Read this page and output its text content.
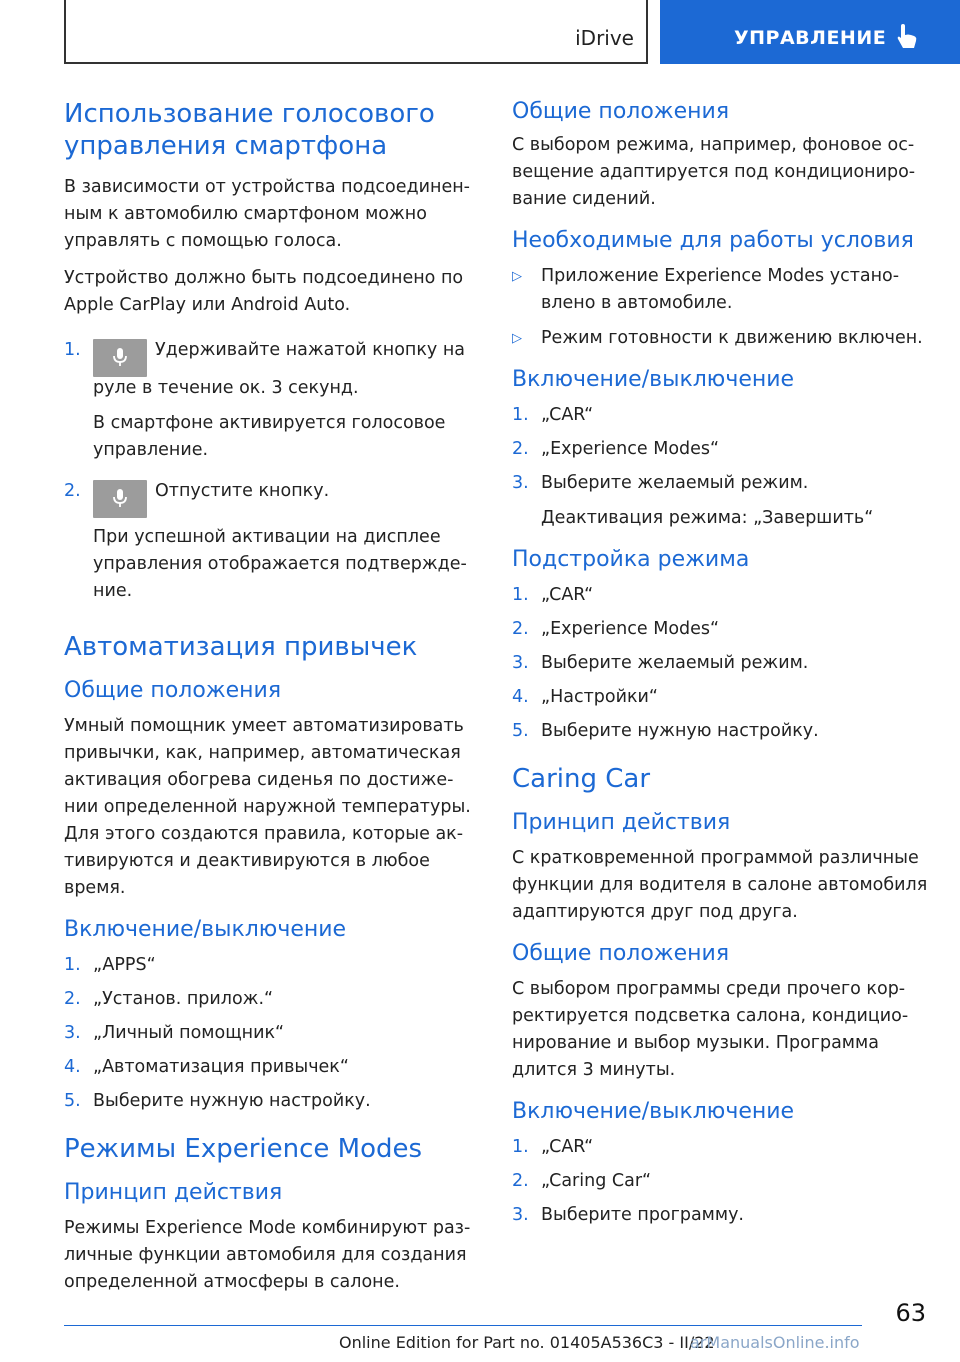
iDrive	УПРАВЛЕНИЕ
Использование голосового управления смартфона

В зависимости от устройства подсоединен-ным к автомобилю смартфоном можно управлять с помощью голоса.

Устройство должно быть подсоединено по Apple CarPlay или Android Auto.

1.	Удерживайте нажатой кнопку на руле в течение ок. 3 секунд.
В смартфоне активируется голосовое управление.
2.	Отпустите кнопку.
При успешной активации на дисплее управления отображается подтвержде-ние.
Автоматизация привычек
Общие положения

Умный помощник умеет автоматизировать привычки, как, например, автоматическая активация обогрева сиденья по достиже-нии определенной наружной температуры. Для этого создаются правила, которые ак-тивируются и деактивируются в любое время.

Включение/выключение
1. „APPS“
2. „Установ. прилож.“
3. „Личный помощник“
4. „Автоматизация привычек“
5. Выберите нужную настройку.
Режимы Experience Modes
Принцип действия

Режимы Experience Mode комбинируют раз-личные функции автомобиля для создания определенной атмосферы в салоне.

Общие положения

С выбором режима, например, фоновое ос-вещение адаптируется под кондициониро-вание сидений.

Необходимые для работы условия
▷ Приложение Experience Modes устано-влено в автомобиле.
▷ Режим готовности к движению включен.
Включение/выключение
1. „CAR“
2. „Experience Modes“
3. Выберите желаемый режим.
Деактивация режима: „Завершить“
Подстройка режима
1. „CAR“
2. „Experience Modes“
3. Выберите желаемый режим.
4. „Настройки“
5. Выберите нужную настройку.
Caring Car
Принцип действия

С кратковременной программой различные функции для водителя в салоне автомобиля адаптируются друг под друга.

Общие положения

С выбором программы среди прочего кор-ректируется подсветка салона, кондицио-нирование и выбор музыки. Программа длится 3 минуты.

Включение/выключение
1. „CAR“
2. „Caring Car“
3. Выберите программу.
63
Online Edition for Part no. 01405A536C3 - II/22
arManualsOnline.info
